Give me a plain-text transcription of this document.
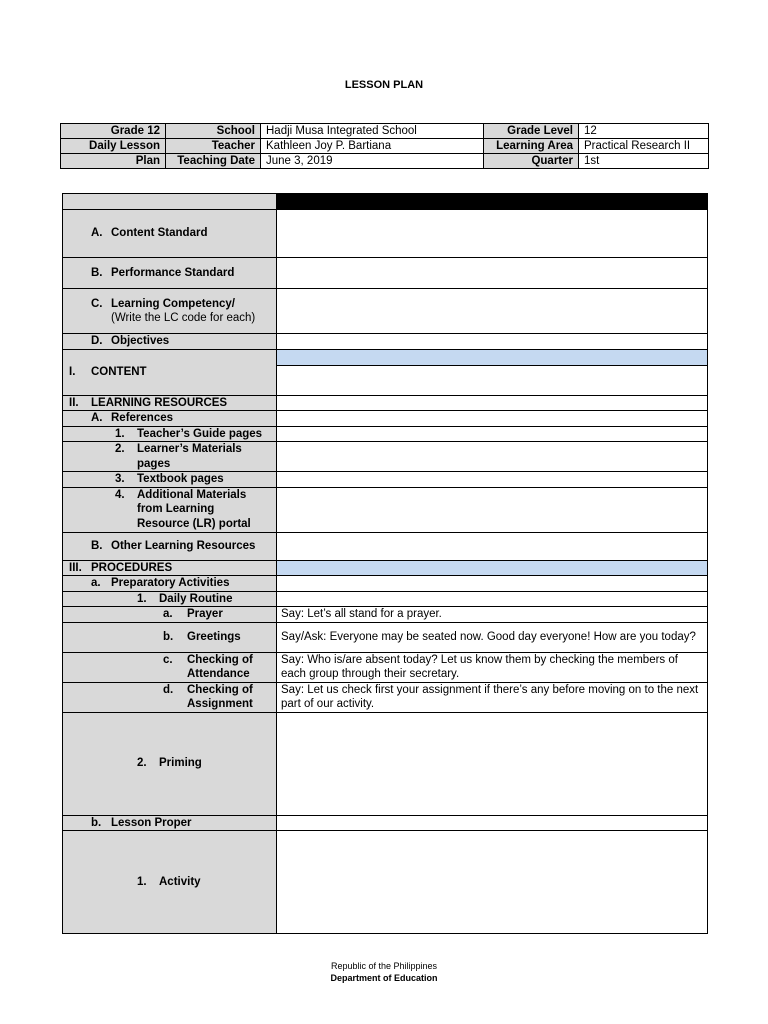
LESSON PLAN
Grade 12	School	Hadji Musa Integrated School	Grade Level	12
Daily Lesson	Teacher	Kathleen Joy P. Bartiana	Learning Area	Practical Research II
Plan	Teaching Date	June 3, 2019	Quarter	1st

A. Content Standard	

B. Performance Standard	

C. Learning Competency/
(Write the LC code for each)	

D. Objectives	

I. CONTENT	

II. LEARNING RESOURCES	

A. References	

1. Teacher’s Guide pages	

2. Learner’s Materials pages	

3. Textbook pages	

4. Additional Materials from Learning Resource (LR) portal	

B. Other Learning Resources	

III. PROCEDURES	

a. Preparatory Activities	

1. Daily Routine	

a. Prayer	Say: Let’s all stand for a prayer.

b. Greetings	Say/Ask: Everyone may be seated now. Good day everyone! How are you today?

c. Checking of Attendance	Say: Who is/are absent today? Let us know them by checking the members of each group through their secretary.

d. Checking of Assignment	Say: Let us check first your assignment if there’s any before moving on to the next part of our activity.

2. Priming	

b. Lesson Proper	

1. Activity	

Republic of the Philippines
Department of Education
